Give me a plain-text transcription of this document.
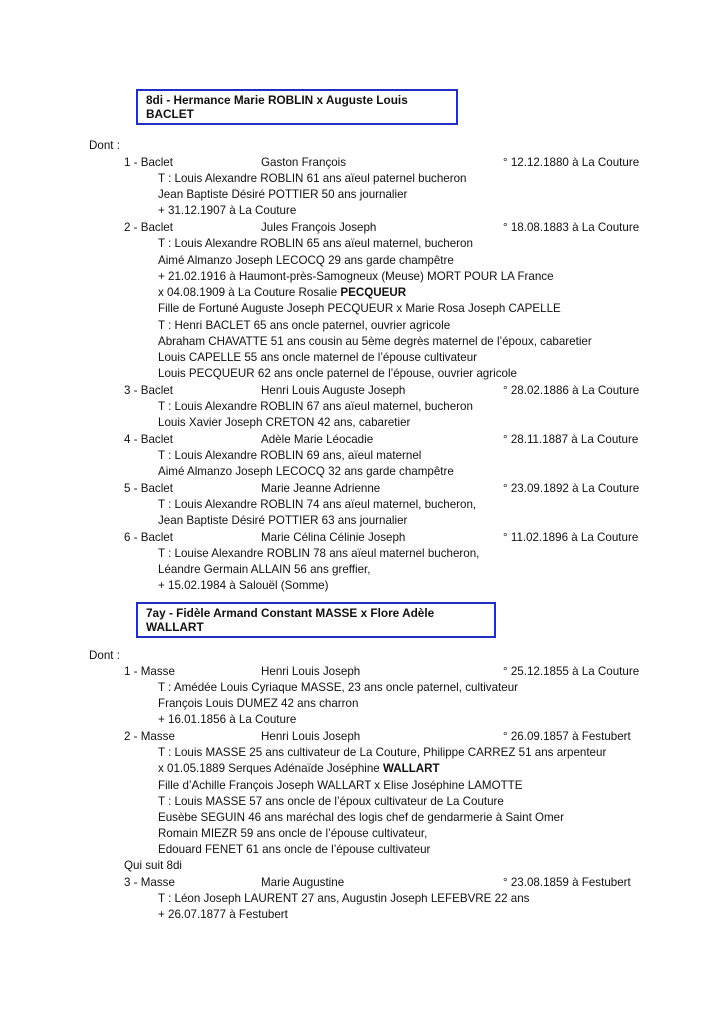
8di - Hermance Marie ROBLIN x Auguste Louis BACLET
Dont :
1 - Baclet	Gaston François	° 12.12.1880 à La Couture
T : Louis Alexandre ROBLIN 61 ans aïeul paternel bucheron
Jean Baptiste Désiré POTTIER 50 ans journalier
+ 31.12.1907 à La Couture
2 - Baclet	Jules François Joseph	° 18.08.1883 à La Couture
T : Louis Alexandre ROBLIN 65 ans aïeul maternel, bucheron
Aimé Almanzo Joseph LECOCQ 29 ans garde champêtre
+ 21.02.1916 à Haumont-près-Samogneux (Meuse) MORT POUR LA France
x 04.08.1909 à La Couture Rosalie PECQUEUR
Fille de Fortuné Auguste Joseph PECQUEUR x Marie Rosa Joseph CAPELLE
T : Henri BACLET 65 ans oncle paternel, ouvrier agricole
Abraham CHAVATTE 51 ans cousin au 5ème degrès maternel de l’époux, cabaretier
Louis CAPELLE 55 ans oncle maternel de l’épouse cultivateur
Louis PECQUEUR 62 ans oncle paternel de l’épouse, ouvrier agricole
3 - Baclet	Henri Louis Auguste Joseph	° 28.02.1886 à La Couture
T : Louis Alexandre ROBLIN 67 ans aïeul maternel, bucheron
Louis Xavier Joseph CRETON 42 ans, cabaretier
4 - Baclet	Adèle Marie Léocadie	° 28.11.1887 à La Couture
T : Louis Alexandre ROBLIN 69 ans, aïeul maternel
Aimé Almanzo Joseph LECOCQ 32 ans garde champêtre
5 - Baclet	Marie Jeanne Adrienne	° 23.09.1892 à La Couture
T : Louis Alexandre ROBLIN 74 ans aïeul maternel, bucheron,
Jean Baptiste Désiré POTTIER 63 ans journalier
6 - Baclet	Marie Célina Célinie Joseph	° 11.02.1896 à La Couture
T : Louise Alexandre ROBLIN 78 ans aïeul maternel bucheron,
Léandre Germain ALLAIN 56 ans greffier,
+ 15.02.1984 à Salouël (Somme)
7ay - Fidèle Armand Constant MASSE x Flore Adèle WALLART
Dont :
1 - Masse	Henri Louis Joseph	° 25.12.1855 à La Couture
T : Amédée Louis Cyriaque MASSE, 23 ans oncle paternel, cultivateur
François Louis DUMEZ 42 ans charron
+ 16.01.1856 à La Couture
2 - Masse	Henri Louis Joseph	° 26.09.1857 à Festubert
T : Louis MASSE 25 ans cultivateur de La Couture, Philippe CARREZ 51 ans arpenteur
x 01.05.1889 Serques Adénaïde Joséphine WALLART
Fille d’Achille François Joseph WALLART x Elise Joséphine LAMOTTE
T : Louis MASSE 57 ans oncle de l’époux cultivateur de La Couture
Eusèbe SEGUIN 46 ans maréchal des logis chef de gendarmerie à Saint Omer
Romain MIEZR 59 ans oncle de l’épouse cultivateur,
Edouard FENET 61 ans oncle de l’épouse cultivateur
Qui suit 8di
3 - Masse	Marie Augustine	° 23.08.1859 à Festubert
T : Léon Joseph LAURENT 27 ans, Augustin Joseph LEFEBVRE 22 ans
+ 26.07.1877 à Festubert
